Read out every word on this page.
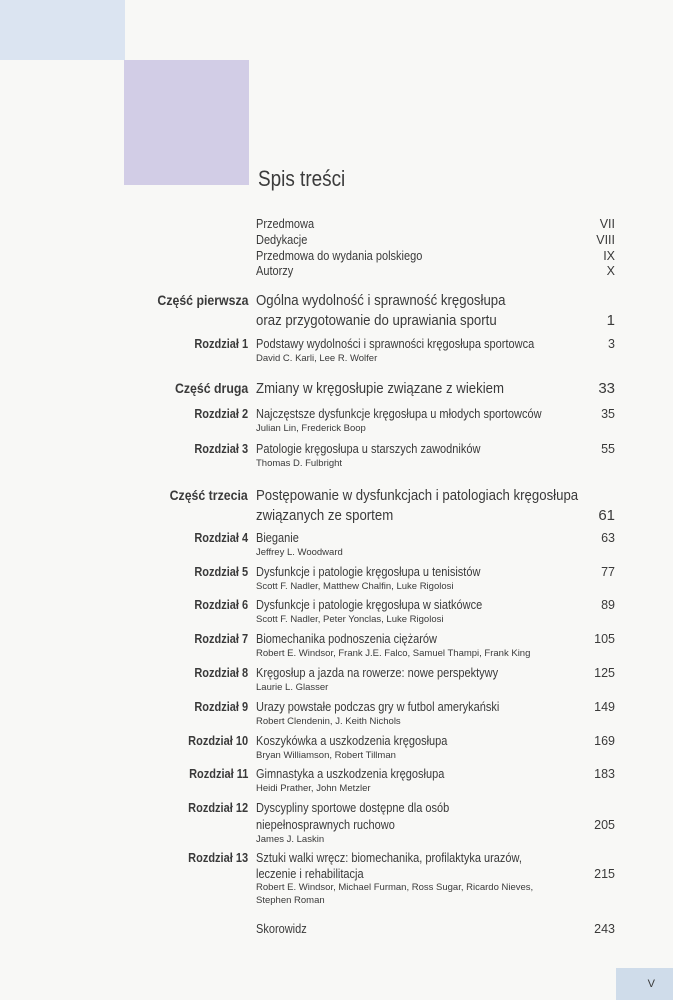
Spis treści
Przedmowa	VII
Dedykacje	VIII
Przedmowa do wydania polskiego	IX
Autorzy	X
Część pierwsza Ogólna wydolność i sprawność kręgosłupa
oraz przygotowanie do uprawiania sportu	1
Rozdział 1 Podstawy wydolności i sprawności kręgosłupa sportowca	3
David C. Karli, Lee R. Wolfer
Część druga Zmiany w kręgosłupie związane z wiekiem	33
Rozdział 2 Najczęstsze dysfunkcje kręgosłupa u młodych sportowców	35
Julian Lin, Frederick Boop
Rozdział 3 Patologie kręgosłupa u starszych zawodników	55
Thomas D. Fulbright
Część trzecia Postępowanie w dysfunkcjach i patologiach kręgosłupa
związanych ze sportem	61
Rozdział 4 Bieganie	63
Jeffrey L. Woodward
Rozdział 5 Dysfunkcje i patologie kręgosłupa u tenisistów	77
Scott F. Nadler, Matthew Chalfin, Luke Rigolosi
Rozdział 6 Dysfunkcje i patologie kręgosłupa w siatkówce	89
Scott F. Nadler, Peter Yonclas, Luke Rigolosi
Rozdział 7 Biomechanika podnoszenia ciężarów	105
Robert E. Windsor, Frank J.E. Falco, Samuel Thampi, Frank King
Rozdział 8 Kręgosłup a jazda na rowerze: nowe perspektywy	125
Laurie L. Glasser
Rozdział 9 Urazy powstałe podczas gry w futbol amerykański	149
Robert Clendenin, J. Keith Nichols
Rozdział 10 Koszykówka a uszkodzenia kręgosłupa	169
Bryan Williamson, Robert Tillman
Rozdział 11 Gimnastyka a uszkodzenia kręgosłupa	183
Heidi Prather, John Metzler
Rozdział 12 Dyscypliny sportowe dostępne dla osób
niepełnosprawnych ruchowo	205
James J. Laskin
Rozdział 13 Sztuki walki wręcz: biomechanika, profilaktyka urazów,
leczenie i rehabilitacja	215
Robert E. Windsor, Michael Furman, Ross Sugar, Ricardo Nieves,
Stephen Roman
Skorowidz	243
V
